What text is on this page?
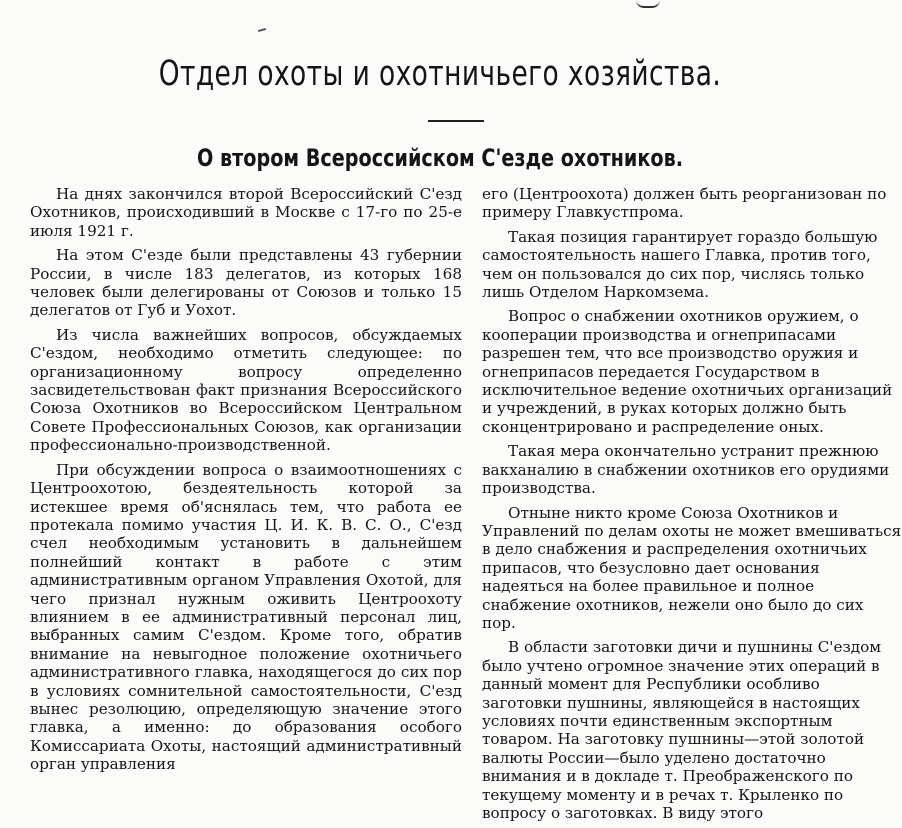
Отдел охоты и охотничьего хозяйства.
О втором Всероссийском С'езде охотников.

На днях закончился второй Всероссийский С'езд Охотников, происходивший в Москве с 17-го по 25-е июля 1921 г.

На этом С'езде были представлены 43 губернии России, в числе 183 делегатов, из которых 168 человек были делегированы от Союзов и только 15 делегатов от Губ и Уохот.

Из числа важнейших вопросов, обсуждаемых С'ездом, необходимо отметить следующее: по организационному вопросу определенно засвидетельствован факт признания Всероссийского Союза Охотников во Всероссийском Центральном Совете Профессиональных Союзов, как организации профессионально-производственной.

При обсуждении вопроса о взаимоотношениях с Центроохотою, бездеятельность которой за истекшее время об'яснялась тем, что работа ее протекала помимо участия Ц. И. К. В. С. О., С'езд счел необходимым установить в дальнейшем полнейший контакт в работе с этим административным органом Управления Охотой, для чего признал нужным оживить Центроохоту влиянием в ее административный персонал лиц, выбранных самим С'ездом. Кроме того, обратив внимание на невыгодное положение охотничьего административного главка, находящегося до сих пор в условиях сомнительной самостоятельности, С'езд вынес резолюцию, определяющую значение этого главка, а именно: до образования особого Комиссариата Охоты, настоящий административный орган управления

его (Центроохота) должен быть реорганизован по примеру Главкустпрома.

Такая позиция гарантирует гораздо большую самостоятельность нашего Главка, против того, чем он пользовался до сих пор, числясь только лишь Отделом Наркомзема.

Вопрос о снабжении охотников оружием, о кооперации производства и огнеприпасами разрешен тем, что все производство оружия и огнеприпасов передается Государством в исключительное ведение охотничьих организаций и учреждений, в руках которых должно быть сконцентрировано и распределение оных.

Такая мера окончательно устранит прежнюю вакханалию в снабжении охотников его орудиями производства.

Отныне никто кроме Союза Охотников и Управлений по делам охоты не может вмешиваться в дело снабжения и распределения охотничьих припасов, что безусловно дает основания надеяться на более правильное и полное снабжение охотников, нежели оно было до сих пор.

В области заготовки дичи и пушнины С'ездом было учтено огромное значение этих операций в данный момент для Республики особливо заготовки пушнины, являющейся в настоящих условиях почти единственным экспортным товаром. На заготовку пушнины—этой золотой валюты России—было уделено достаточно внимания и в докладе т. Преображенского по текущему моменту и в речах т. Крыленко по вопросу о заготовках. В виду этого
